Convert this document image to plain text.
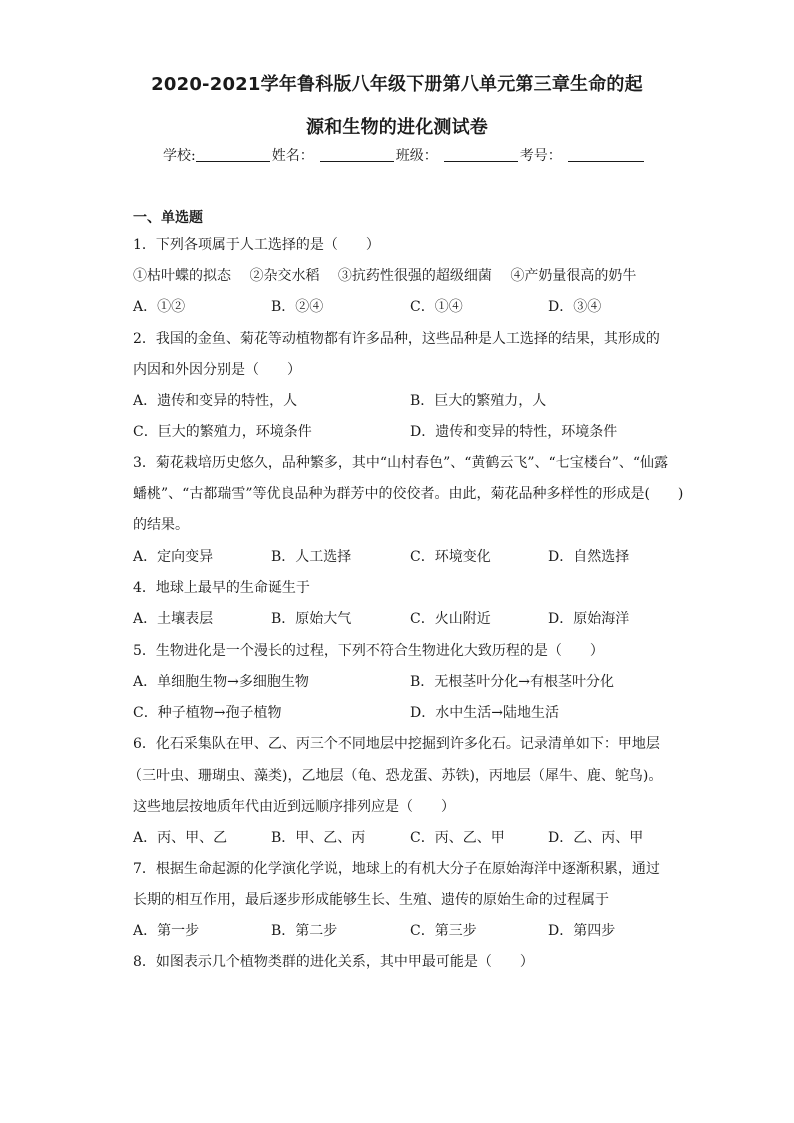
2020-2021学年鲁科版八年级下册第八单元第三章生命的起
源和生物的进化测试卷
学校:	姓名：	班级：	考号：
一、单选题
1．下列各项属于人工选择的是（　　）
①枯叶蝶的拟态　 ②杂交水稻　 ③抗药性很强的超级细菌　 ④产奶量很高的奶牛
A．①②	B．②④	C．①④	D．③④
2．我国的金鱼、菊花等动植物都有许多品种，这些品种是人工选择的结果，其形成的
内因和外因分别是（　　）
A．遗传和变异的特性，人	B．巨大的繁殖力，人
C．巨大的繁殖力，环境条件	D．遗传和变异的特性，环境条件
3．菊花栽培历史悠久，品种繁多，其中“山村春色”、“黄鹤云飞”、“七宝楼台”、“仙露
蟠桃”、“古都瑞雪”等优良品种为群芳中的佼佼者。由此，菊花品种多样性的形成是(　　)
的结果。
A．定向变异	B．人工选择	C．环境变化	D．自然选择
4．地球上最早的生命诞生于
A．土壤表层	B．原始大气	C．火山附近	D．原始海洋
5．生物进化是一个漫长的过程，下列不符合生物进化大致历程的是（　　）
A．单细胞生物→多细胞生物	B．无根茎叶分化→有根茎叶分化
C．种子植物→孢子植物	D．水中生活→陆地生活
6．化石采集队在甲、乙、丙三个不同地层中挖掘到许多化石。记录清单如下：甲地层
（三叶虫、珊瑚虫、藻类)，乙地层（龟、恐龙蛋、苏铁)，丙地层（犀牛、鹿、鸵鸟)。
这些地层按地质年代由近到远顺序排列应是（　　）
A．丙、甲、乙	B．甲、乙、丙	C．丙、乙、甲	D．乙、丙、甲
7．根据生命起源的化学演化学说，地球上的有机大分子在原始海洋中逐渐积累，通过
长期的相互作用，最后逐步形成能够生长、生殖、遗传的原始生命的过程属于
A．第一步	B．第二步	C．第三步	D．第四步
8．如图表示几个植物类群的进化关系，其中甲最可能是（　　）
